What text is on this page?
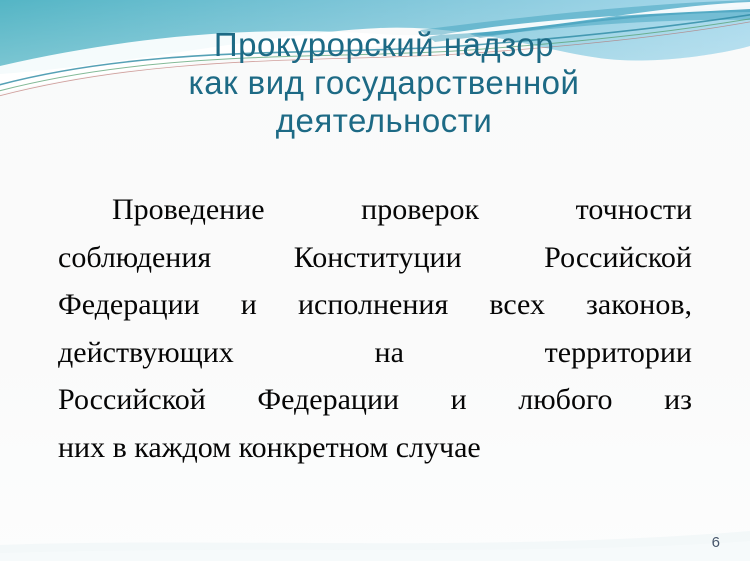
Прокурорский надзор
как вид государственной
деятельности
Проведение проверок точности
соблюдения Конституции Российской
Федерации и исполнения всех законов,
действующих на территории
Российской Федерации и любого из
них в каждом конкретном случае
6
